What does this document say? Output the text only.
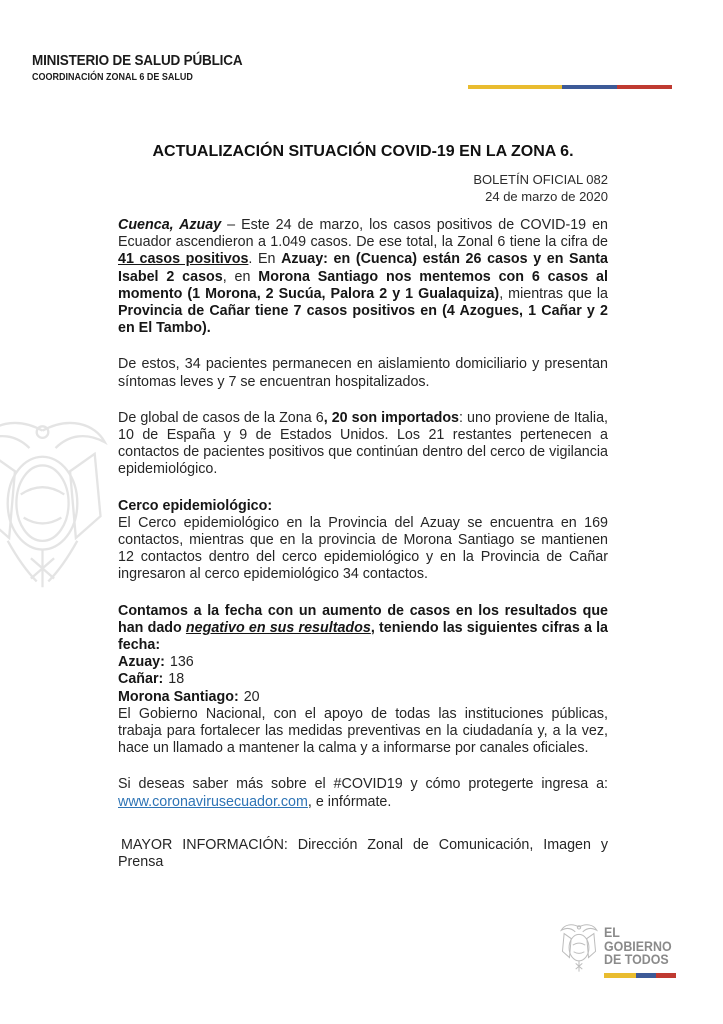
MINISTERIO DE SALUD PÚBLICA
COORDINACIÓN ZONAL 6 DE SALUD
ACTUALIZACIÓN SITUACIÓN COVID-19 EN LA ZONA 6.
BOLETÍN OFICIAL 082
24 de marzo de 2020

Cuenca, Azuay – Este 24 de marzo, los casos positivos de COVID-19 en Ecuador ascendieron a 1.049 casos. De ese total, la Zonal 6 tiene la cifra de 41 casos positivos. En Azuay: en (Cuenca) están 26 casos y en Santa Isabel 2 casos, en Morona Santiago nos mentemos con 6 casos al momento (1 Morona, 2 Sucúa, Palora 2 y 1 Gualaquiza), mientras que la Provincia de Cañar tiene 7 casos positivos en (4 Azogues, 1 Cañar y 2 en El Tambo).

De estos, 34 pacientes permanecen en aislamiento domiciliario y presentan síntomas leves y 7 se encuentran hospitalizados.

De global de casos de la Zona 6, 20 son importados: uno proviene de Italia, 10 de España y 9 de Estados Unidos. Los 21 restantes pertenecen a contactos de pacientes positivos que continúan dentro del cerco de vigilancia epidemiológico.

Cerco epidemiológico:

El Cerco epidemiológico en la Provincia del Azuay se encuentra en 169 contactos, mientras que en la provincia de Morona Santiago se mantienen 12 contactos dentro del cerco epidemiológico y en la Provincia de Cañar ingresaron al cerco epidemiológico 34 contactos.

Contamos a la fecha con un aumento de casos en los resultados que han dado negativo en sus resultados, teniendo las siguientes cifras a la fecha:

Azuay: 136
Cañar: 18
Morona Santiago: 20

El Gobierno Nacional, con el apoyo de todas las instituciones públicas, trabaja para fortalecer las medidas preventivas en la ciudadanía y, a la vez, hace un llamado a mantener la calma y a informarse por canales oficiales.

Si deseas saber más sobre el #COVID19 y cómo protegerte ingresa a: www.coronavirusecuador.com, e infórmate.

MAYOR INFORMACIÓN: Dirección Zonal de Comunicación, Imagen y Prensa

EL
GOBIERNO
DE TODOS
